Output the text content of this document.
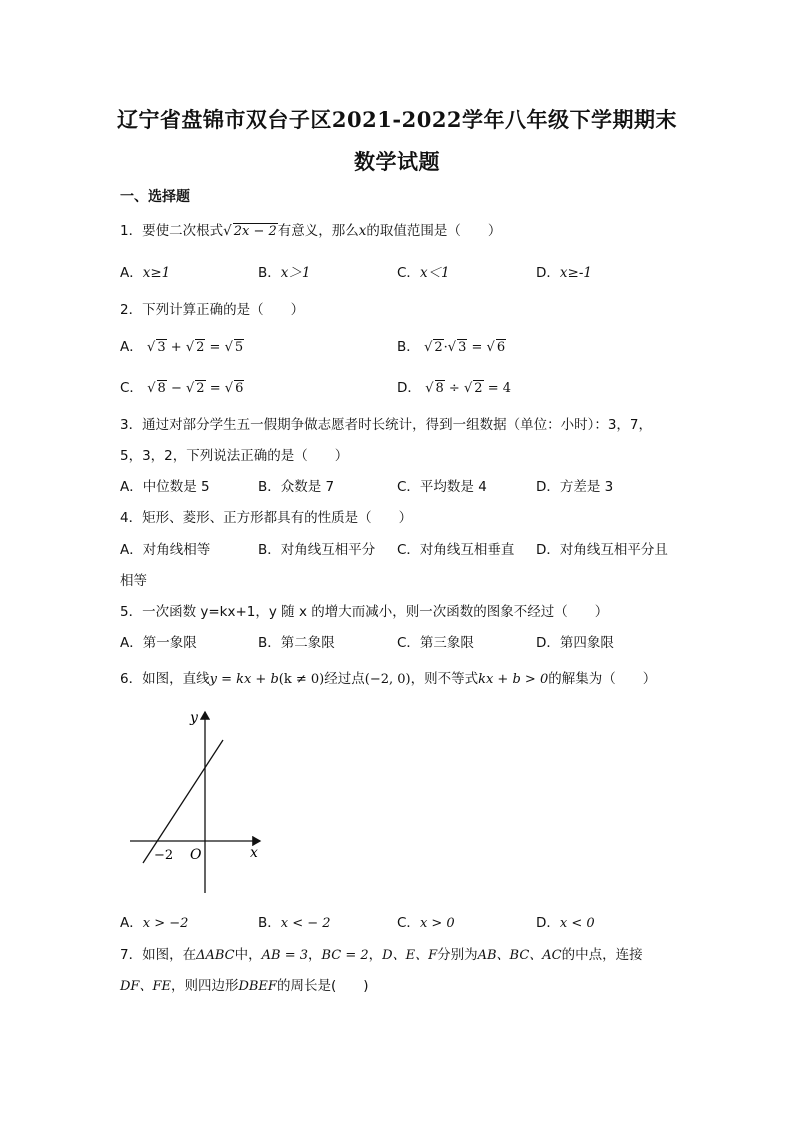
辽宁省盘锦市双台子区2021-2022学年八年级下学期期末
数学试题
一、选择题
1．要使二次根式√ 2x − 2有意义，那么x的取值范围是（　　）
A．x≥1	B．x＞1	C．x＜1	D．x≥-1
2．下列计算正确的是（　　）
A． √ 3 + √ 2 = √ 5	B． √ 2·√ 3 = √ 6
C． √ 8 − √ 2 = √ 6	D． √ 8 ÷ √ 2 = 4
3．通过对部分学生五一假期争做志愿者时长统计，得到一组数据（单位：小时）：3，7，
5，3，2，下列说法正确的是（　　）
A．中位数是 5	B．众数是 7	C．平均数是 4	D．方差是 3
4．矩形、菱形、正方形都具有的性质是（　　）
A．对角线相等	B．对角线互相平分 C．对角线互相垂直 D．对角线互相平分且
相等
5．一次函数 y=kx+1，y 随 x 的增大而减小，则一次函数的图象不经过（　　）
A．第一象限	B．第二象限	C．第三象限	D．第四象限
6．如图，直线y = kx + b(k ≠ 0)经过点(−2, 0)，则不等式kx + b > 0的解集为（　　）
y
x
O
−2
A．x > −2	B．x < − 2	C．x > 0	D．x < 0
7．如图，在ΔABC中，AB = 3，BC = 2，D、E、F分别为AB、BC、AC的中点，连接
DF、FE，则四边形DBEF的周长是(　　)
